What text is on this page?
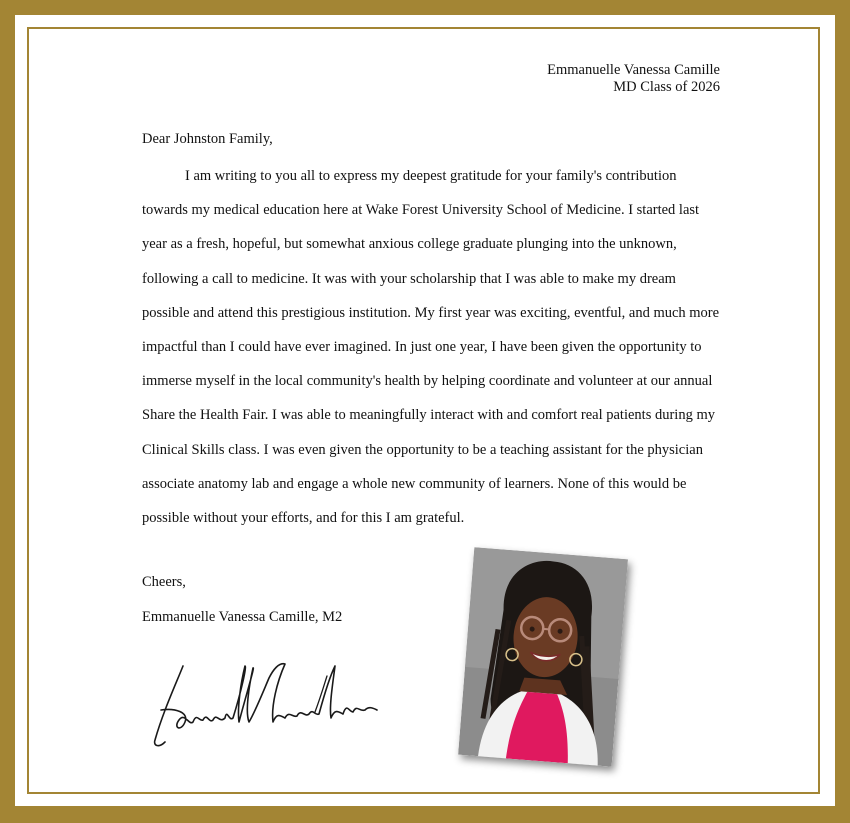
Emmanuelle Vanessa Camille
MD Class of 2026
Dear Johnston Family,

I am writing to you all to express my deepest gratitude for your family's contribution towards my medical education here at Wake Forest University School of Medicine. I started last year as a fresh, hopeful, but somewhat anxious college graduate plunging into the unknown, following a call to medicine. It was with your scholarship that I was able to make my dream possible and attend this prestigious institution. My first year was exciting, eventful, and much more impactful than I could have ever imagined. In just one year, I have been given the opportunity to immerse myself in the local community's health by helping coordinate and volunteer at our annual Share the Health Fair. I was able to meaningfully interact with and comfort real patients during my Clinical Skills class. I was even given the opportunity to be a teaching assistant for the physician associate anatomy lab and engage a whole new community of learners. None of this would be possible without your efforts, and for this I am grateful.

Cheers,
Emmanuelle Vanessa Camille, M2
